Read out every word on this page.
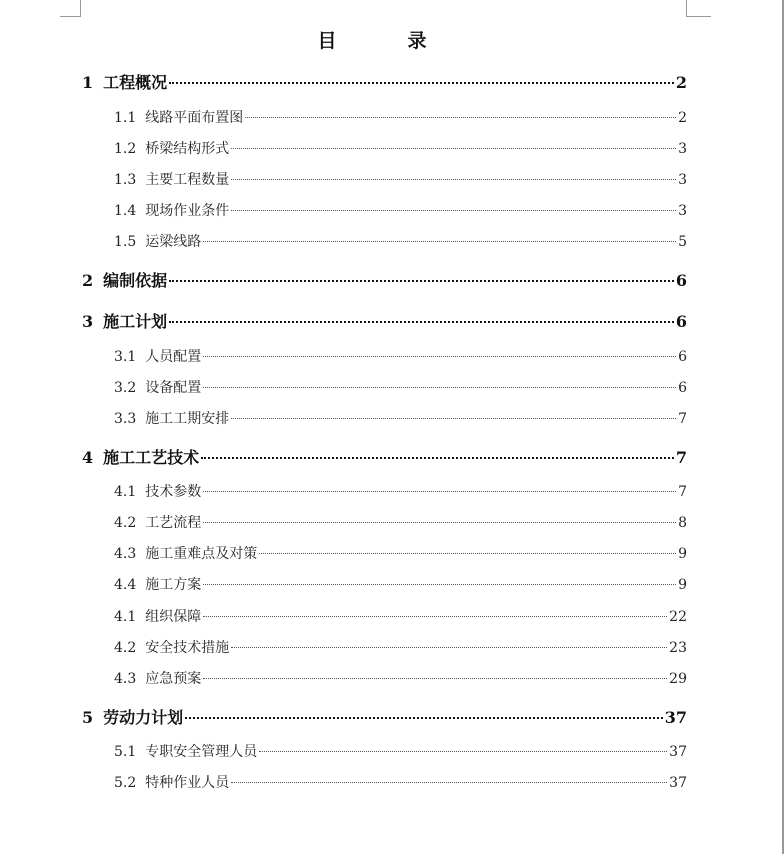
目　录
1 工程概况	2
1.1 线路平面布置图	2
1.2 桥梁结构形式	3
1.3 主要工程数量	3
1.4 现场作业条件	3
1.5 运梁线路	5
2 编制依据	6
3 施工计划	6
3.1 人员配置	6
3.2 设备配置	6
3.3 施工工期安排	7
4 施工工艺技术	7
4.1 技术参数	7
4.2 工艺流程	8
4.3 施工重难点及对策	9
4.4 施工方案	9
4.1 组织保障	22
4.2 安全技术措施	23
4.3 应急预案	29
5 劳动力计划	37
5.1 专职安全管理人员	37
5.2 特种作业人员	37
